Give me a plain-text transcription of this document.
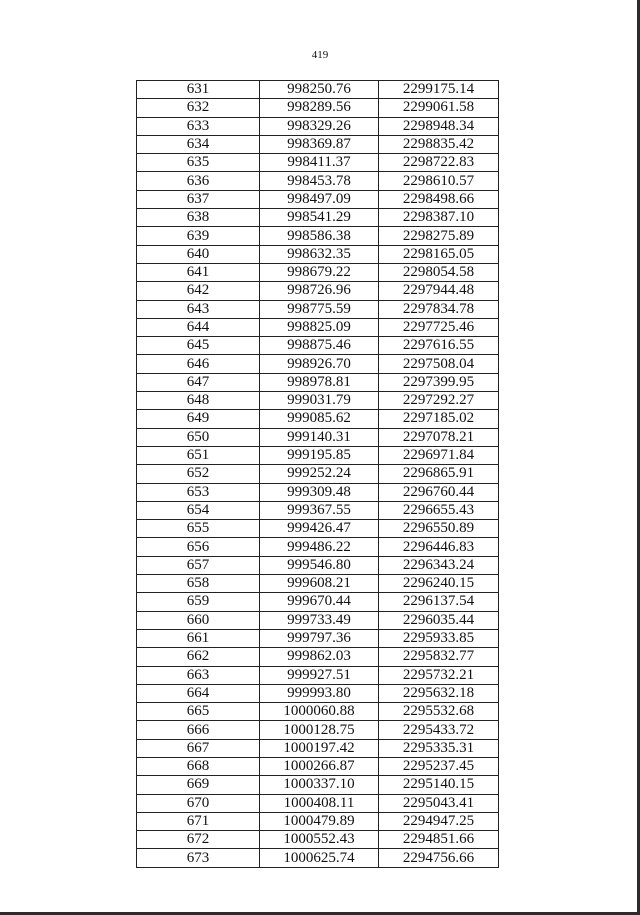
419
631	998250.76	2299175.14
632	998289.56	2299061.58
633	998329.26	2298948.34
634	998369.87	2298835.42
635	998411.37	2298722.83
636	998453.78	2298610.57
637	998497.09	2298498.66
638	998541.29	2298387.10
639	998586.38	2298275.89
640	998632.35	2298165.05
641	998679.22	2298054.58
642	998726.96	2297944.48
643	998775.59	2297834.78
644	998825.09	2297725.46
645	998875.46	2297616.55
646	998926.70	2297508.04
647	998978.81	2297399.95
648	999031.79	2297292.27
649	999085.62	2297185.02
650	999140.31	2297078.21
651	999195.85	2296971.84
652	999252.24	2296865.91
653	999309.48	2296760.44
654	999367.55	2296655.43
655	999426.47	2296550.89
656	999486.22	2296446.83
657	999546.80	2296343.24
658	999608.21	2296240.15
659	999670.44	2296137.54
660	999733.49	2296035.44
661	999797.36	2295933.85
662	999862.03	2295832.77
663	999927.51	2295732.21
664	999993.80	2295632.18
665	1000060.88	2295532.68
666	1000128.75	2295433.72
667	1000197.42	2295335.31
668	1000266.87	2295237.45
669	1000337.10	2295140.15
670	1000408.11	2295043.41
671	1000479.89	2294947.25
672	1000552.43	2294851.66
673	1000625.74	2294756.66
